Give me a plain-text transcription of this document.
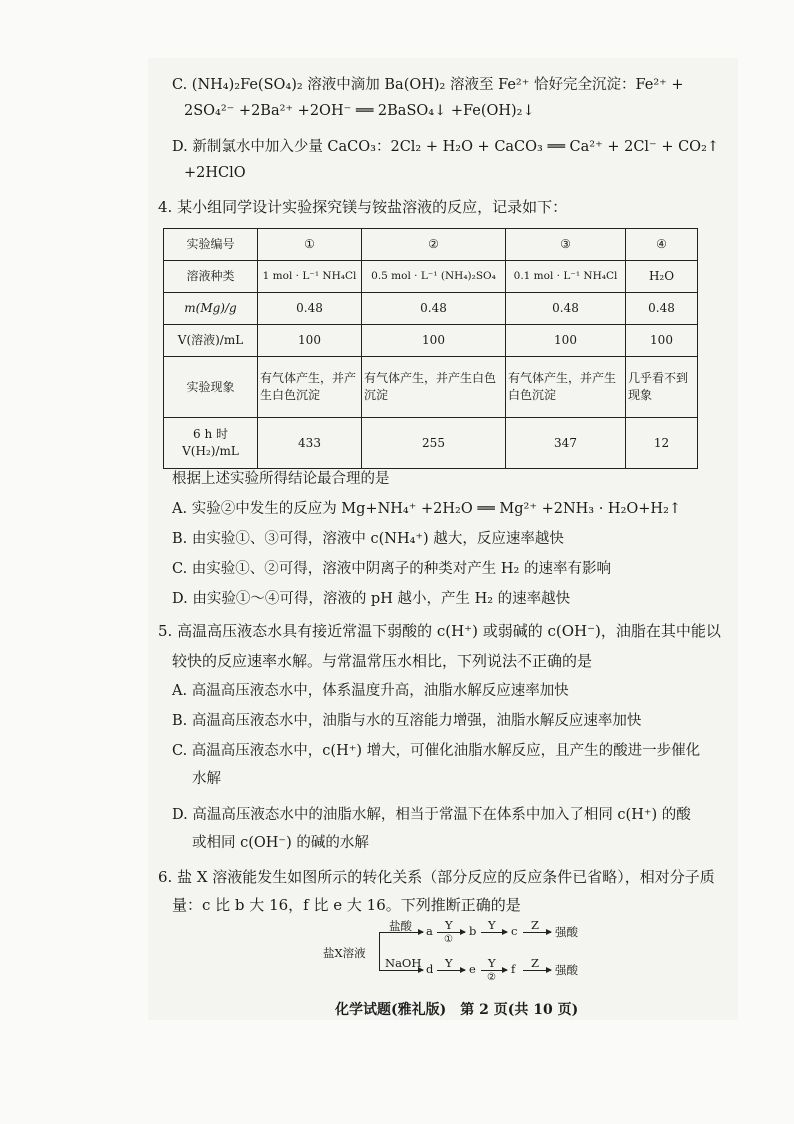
C. (NH₄)₂Fe(SO₄)₂ 溶液中滴加 Ba(OH)₂ 溶液至 Fe²⁺ 恰好完全沉淀：Fe²⁺ +
2SO₄²⁻ +2Ba²⁺ +2OH⁻ ══ 2BaSO₄↓ +Fe(OH)₂↓
D. 新制氯水中加入少量 CaCO₃：2Cl₂ + H₂O + CaCO₃ ══ Ca²⁺ + 2Cl⁻ + CO₂↑
+2HClO
4. 某小组同学设计实验探究镁与铵盐溶液的反应，记录如下：
实验编号	①	②	③	④
溶液种类	1 mol · L⁻¹ NH₄Cl	0.5 mol · L⁻¹ (NH₄)₂SO₄	0.1 mol · L⁻¹ NH₄Cl	H₂O
m(Mg)/g	0.48	0.48	0.48	0.48
V(溶液)/mL	100	100	100	100
实验现象	有气体产生，并产生白色沉淀	有气体产生，并产生白色沉淀	有气体产生，并产生白色沉淀	几乎看不到现象
6 h 时 V(H₂)/mL	433	255	347	12
根据上述实验所得结论最合理的是
A. 实验②中发生的反应为 Mg+NH₄⁺ +2H₂O ══ Mg²⁺ +2NH₃ · H₂O+H₂↑
B. 由实验①、③可得，溶液中 c(NH₄⁺) 越大，反应速率越快
C. 由实验①、②可得，溶液中阴离子的种类对产生 H₂ 的速率有影响
D. 由实验①～④可得，溶液的 pH 越小，产生 H₂ 的速率越快
5. 高温高压液态水具有接近常温下弱酸的 c(H⁺) 或弱碱的 c(OH⁻)，油脂在其中能以
较快的反应速率水解。与常温常压水相比，下列说法不正确的是
A. 高温高压液态水中，体系温度升高，油脂水解反应速率加快
B. 高温高压液态水中，油脂与水的互溶能力增强，油脂水解反应速率加快
C. 高温高压液态水中，c(H⁺) 增大，可催化油脂水解反应，且产生的酸进一步催化
水解
D. 高温高压液态水中的油脂水解，相当于常温下在体系中加入了相同 c(H⁺) 的酸
或相同 c(OH⁻) 的碱的水解
6. 盐 X 溶液能发生如图所示的转化关系（部分反应的反应条件已省略），相对分子质
量：c 比 b 大 16，f 比 e 大 16。下列推断正确的是
盐X溶液
盐酸 a Y
①
b Y c Z 强酸
NaOH d Y e Y
②
f Z 强酸
化学试题(雅礼版)　第 2 页(共 10 页)
